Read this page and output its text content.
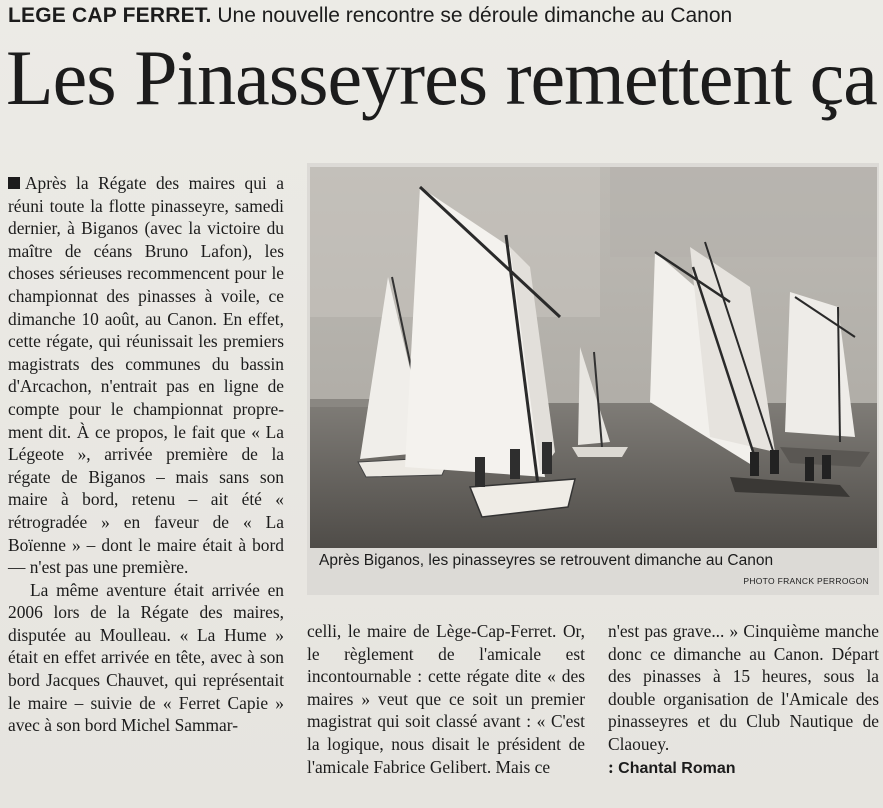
LEGE CAP FERRET. Une nouvelle rencontre se déroule dimanche au Canon
Les Pinasseyres remettent ça

Après la Régate des maires qui a réuni toute la flotte pinasseyre, samedi dernier, à Biganos (avec la victoire du maître de céans Bruno Lafon), les choses sérieuses recommencent pour le championnat des pinasses à voile, ce dimanche 10 août, au Canon. En effet, cette régate, qui réunissait les premiers magistrats des communes du bassin d'Arcachon, n'entrait pas en ligne de compte pour le championnat proprement dit. À ce propos, le fait que « La Légeote », arrivée première de la régate de Biganos – mais sans son maire à bord, retenu – ait été « rétrogradée » en faveur de « La Boïenne » – dont le maire était à bord — n'est pas une première.

La même aventure était arrivée en 2006 lors de la Régate des maires, disputée au Moulleau. « La Hume » était en effet arrivée en tête, avec à son bord Jacques Chauvet, qui représentait le maire – suivie de « Ferret Capie » avec à son bord Michel Sammar-

Après Biganos, les pinasseyres se retrouvent dimanche au Canon
PHOTO FRANCK PERROGON

celli, le maire de Lège-Cap-Ferret. Or, le règlement de l'amicale est incontournable : cette régate dite « des maires » veut que ce soit un premier magistrat qui soit classé avant : « C'est la logique, nous disait le président de l'amicale Fabrice Gelibert. Mais ce

n'est pas grave... » Cinquième manche donc ce dimanche au Canon. Départ des pinasses à 15 heures, sous la double organisation de l'Amicale des pinasseyres et du Club Nautique de Claouey.

: Chantal Roman
